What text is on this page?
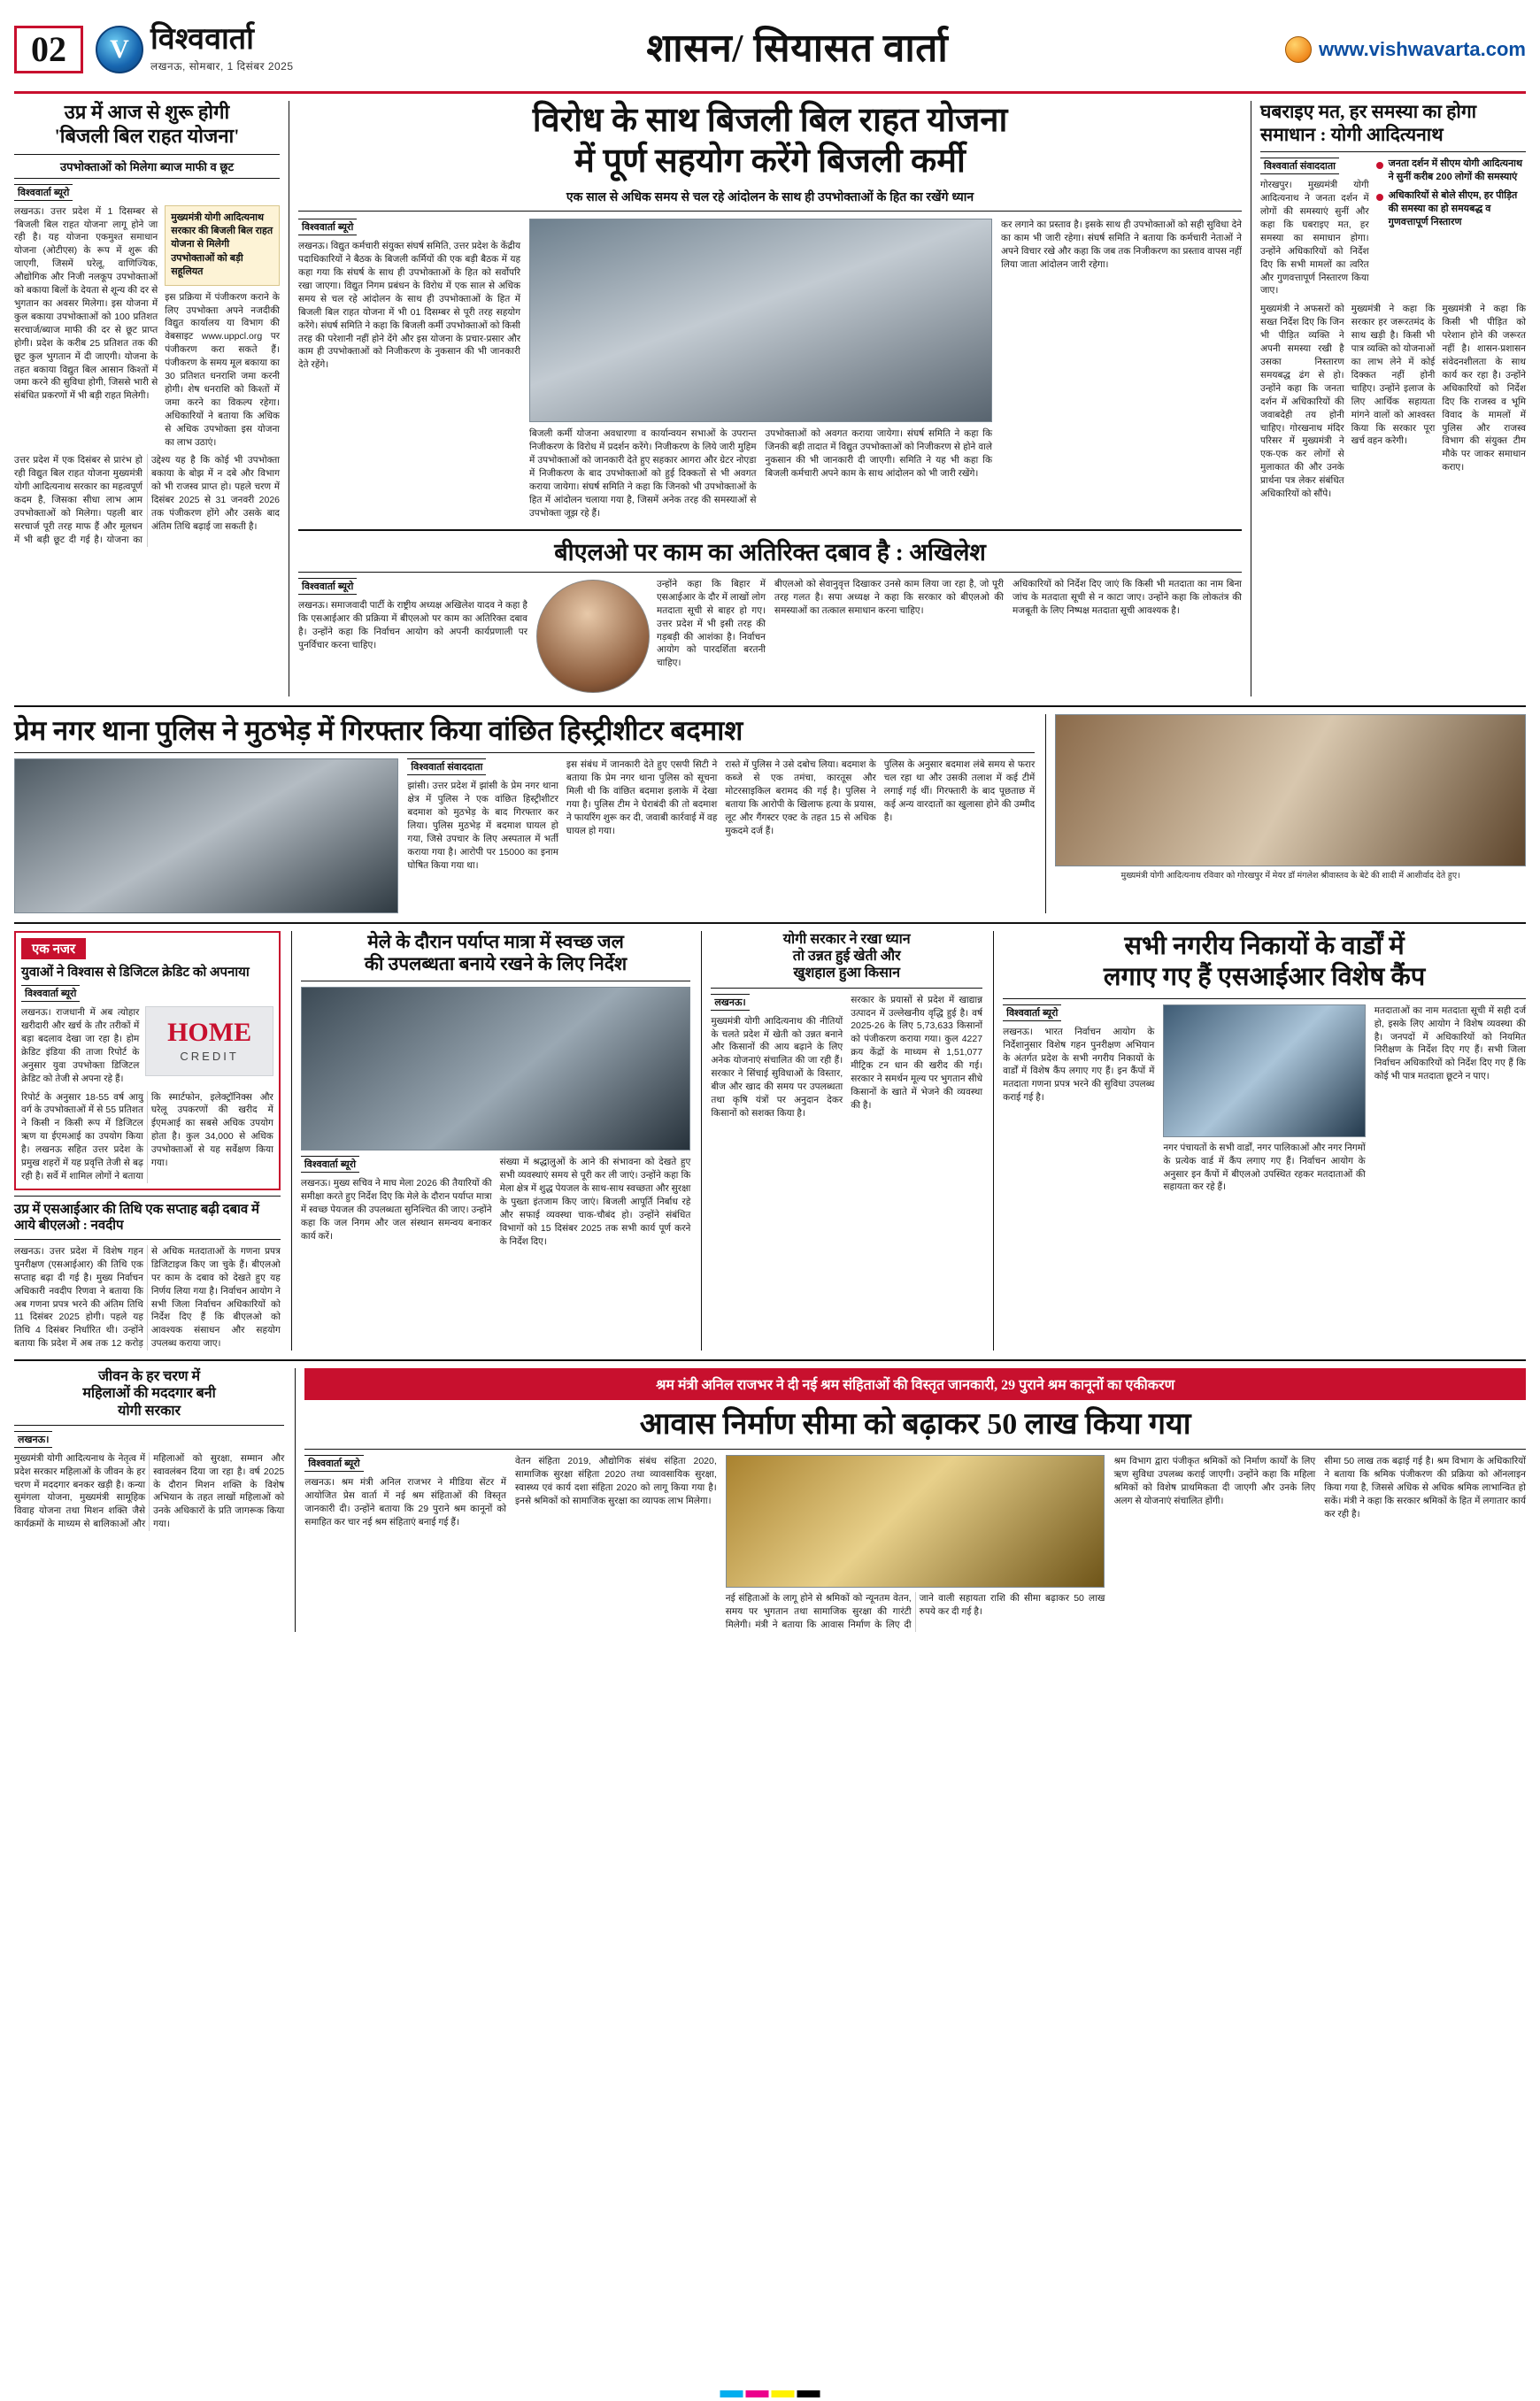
02	V विश्ववार्ता
लखनऊ, सोमबार, 1 दिसंबर 2025	शासन/ सियासत वार्ता	www.vishwavarta.com
उप्र में आज से शुरू होगी
'बिजली बिल राहत योजना'
उपभोक्ताओं को मिलेगा ब्याज माफी व छूट
विश्ववार्ता ब्यूरो
लखनऊ। उत्तर प्रदेश में 1 दिसम्बर से 'बिजली बिल राहत योजना' लागू होने जा रही है। यह योजना एकमुश्त समाधान योजना (ओटीएस) के रूप में शुरू की जाएगी, जिसमें घरेलू, वाणिज्यिक, औद्योगिक और निजी नलकूप उपभोक्ताओं को बकाया बिलों के देयता से शून्य की दर से भुगतान का अवसर मिलेगा। इस योजना में कुल बकाया उपभोक्ताओं को 100 प्रतिशत सरचार्ज/ब्याज माफी की दर से छूट प्राप्त होगी। प्रदेश के करीब 25 प्रतिशत तक की छूट कुल भुगतान में दी जाएगी। योजना के तहत बकाया विद्युत बिल आसान किश्तों में जमा करने की सुविधा होगी, जिससे भारी से संबंधित प्रकरणों में भी बड़ी राहत मिलेगी।
मुख्यमंत्री योगी आदित्यनाथ सरकार की बिजली बिल राहत योजना से मिलेगी उपभोक्ताओं को बड़ी सहूलियत
इस प्रक्रिया में पंजीकरण कराने के लिए उपभोक्ता अपने नजदीकी विद्युत कार्यालय या विभाग की वेबसाइट www.uppcl.org पर पंजीकरण करा सकते हैं। पंजीकरण के समय मूल बकाया का 30 प्रतिशत धनराशि जमा करनी होगी। शेष धनराशि को किश्तों में जमा करने का विकल्प रहेगा। अधिकारियों ने बताया कि अधिक से अधिक उपभोक्ता इस योजना का लाभ उठाएं।
उत्तर प्रदेश में एक दिसंबर से प्रारंभ हो रही विद्युत बिल राहत योजना मुख्यमंत्री योगी आदित्यनाथ सरकार का महत्वपूर्ण कदम है, जिसका सीधा लाभ आम उपभोक्ताओं को मिलेगा। पहली बार सरचार्ज पूरी तरह माफ हैं और मूलधन में भी बड़ी छूट दी गई है। योजना का उद्देश्य यह है कि कोई भी उपभोक्ता बकाया के बोझ में न दबे और विभाग को भी राजस्व प्राप्त हो। पहले चरण में दिसंबर 2025 से 31 जनवरी 2026 तक पंजीकरण होंगे और उसके बाद अंतिम तिथि बढ़ाई जा सकती है।
विरोध के साथ बिजली बिल राहत योजना
में पूर्ण सहयोग करेंगे बिजली कर्मी
एक साल से अधिक समय से चल रहे आंदोलन के साथ ही उपभोक्ताओं के हित का रखेंगे ध्यान
विश्ववार्ता ब्यूरो
लखनऊ। विद्युत कर्मचारी संयुक्त संघर्ष समिति, उत्तर प्रदेश के केंद्रीय पदाधिकारियों ने बैठक के बिजली कर्मियों की एक बड़ी बैठक में यह कहा गया कि संघर्ष के साथ ही उपभोक्ताओं के हित को सर्वोपरि रखा जाएगा। विद्युत निगम प्रबंधन के विरोध में एक साल से अधिक समय से चल रहे आंदोलन के साथ ही उपभोक्ताओं के हित में बिजली बिल राहत योजना में भी 01 दिसम्बर से पूरी तरह सहयोग करेंगे। संघर्ष समिति ने कहा कि बिजली कर्मी उपभोक्ताओं को किसी तरह की परेशानी नहीं होने देंगे और इस योजना के प्रचार-प्रसार और काम ही उपभोक्ताओं को निजीकरण के नुकसान की भी जानकारी देते रहेंगे।
बिजली कर्मी योजना अवधारणा व कार्यान्वयन सभाओं के उपरान्त निजीकरण के विरोध में प्रदर्शन करेंगे। निजीकरण के लिये जारी मुहिम में उपभोक्ताओं को जानकारी देते हुए सहकार आगरा और ग्रेटर नोएडा में निजीकरण के बाद उपभोक्ताओं को हुई दिक्कतों से भी अवगत कराया जायेगा। संघर्ष समिति ने कहा कि जिनको भी उपभोक्ताओं के हित में आंदोलन चलाया गया है, जिसमें अनेक तरह की समस्याओं से उपभोक्ता जूझ रहे हैं।
उपभोक्ताओं को अवगत कराया जायेगा। संघर्ष समिति ने कहा कि जिनकी बड़ी तादात में विद्युत उपभोक्ताओं को निजीकरण से होने वाले नुकसान की भी जानकारी दी जाएगी। समिति ने यह भी कहा कि बिजली कर्मचारी अपने काम के साथ आंदोलन को भी जारी रखेंगे।
कर लगाने का प्रस्ताव है। इसके साथ ही उपभोक्ताओं को सही सुविधा देने का काम भी जारी रहेगा। संघर्ष समिति ने बताया कि कर्मचारी नेताओं ने अपने विचार रखे और कहा कि जब तक निजीकरण का प्रस्ताव वापस नहीं लिया जाता आंदोलन जारी रहेगा।
बीएलओ पर काम का अतिरिक्त दबाव है : अखिलेश
विश्ववार्ता ब्यूरो
लखनऊ। समाजवादी पार्टी के राष्ट्रीय अध्यक्ष अखिलेश यादव ने कहा है कि एसआईआर की प्रक्रिया में बीएलओ पर काम का अतिरिक्त दबाव है। उन्होंने कहा कि निर्वाचन आयोग को अपनी कार्यप्रणाली पर पुनर्विचार करना चाहिए।
उन्होंने कहा कि बिहार में एसआईआर के दौर में लाखों लोग मतदाता सूची से बाहर हो गए। उत्तर प्रदेश में भी इसी तरह की गड़बड़ी की आशंका है। निर्वाचन आयोग को पारदर्शिता बरतनी चाहिए।
बीएलओ को सेवानुवृत्त दिखाकर उनसे काम लिया जा रहा है, जो पूरी तरह गलत है। सपा अध्यक्ष ने कहा कि सरकार को बीएलओ की समस्याओं का तत्काल समाधान करना चाहिए।
अधिकारियों को निर्देश दिए जाएं कि किसी भी मतदाता का नाम बिना जांच के मतदाता सूची से न काटा जाए। उन्होंने कहा कि लोकतंत्र की मजबूती के लिए निष्पक्ष मतदाता सूची आवश्यक है।
घबराइए मत, हर समस्या का होगा
समाधान : योगी आदित्यनाथ
विश्ववार्ता संवाददाता
गोरखपुर। मुख्यमंत्री योगी आदित्यनाथ ने जनता दर्शन में लोगों की समस्याएं सुनीं और कहा कि घबराइए मत, हर समस्या का समाधान होगा। उन्होंने अधिकारियों को निर्देश दिए कि सभी मामलों का त्वरित और गुणवत्तापूर्ण निस्तारण किया जाए।
जनता दर्शन में सीएम योगी आदित्यनाथ ने सुनीं करीब 200 लोगों की समस्याएं
अधिकारियों से बोले सीएम, हर पीड़ित की समस्या का हो समयबद्ध व गुणवत्तापूर्ण निस्तारण
मुख्यमंत्री ने अफसरों को सख्त निर्देश दिए कि जिन भी पीड़ित व्यक्ति ने अपनी समस्या रखी है उसका निस्तारण समयबद्ध ढंग से हो। उन्होंने कहा कि जनता दर्शन में अधिकारियों की जवाबदेही तय होनी चाहिए। गोरखनाथ मंदिर परिसर में मुख्यमंत्री ने एक-एक कर लोगों से मुलाकात की और उनके प्रार्थना पत्र लेकर संबंधित अधिकारियों को सौंपे।
मुख्यमंत्री ने कहा कि सरकार हर जरूरतमंद के साथ खड़ी है। किसी भी पात्र व्यक्ति को योजनाओं का लाभ लेने में कोई दिक्कत नहीं होनी चाहिए। उन्होंने इलाज के लिए आर्थिक सहायता मांगने वालों को आश्वस्त किया कि सरकार पूरा खर्च वहन करेगी।
मुख्यमंत्री ने कहा कि किसी भी पीड़ित को परेशान होने की जरूरत नहीं है। शासन-प्रशासन संवेदनशीलता के साथ कार्य कर रहा है। उन्होंने अधिकारियों को निर्देश दिए कि राजस्व व भूमि विवाद के मामलों में पुलिस और राजस्व विभाग की संयुक्त टीम मौके पर जाकर समाधान कराए।
प्रेम नगर थाना पुलिस ने मुठभेड़ में गिरफ्तार किया वांछित हिस्ट्रीशीटर बदमाश
विश्ववार्ता संवाददाता
झांसी। उत्तर प्रदेश में झांसी के प्रेम नगर थाना क्षेत्र में पुलिस ने एक वांछित हिस्ट्रीशीटर बदमाश को मुठभेड़ के बाद गिरफ्तार कर लिया। पुलिस मुठभेड़ में बदमाश घायल हो गया, जिसे उपचार के लिए अस्पताल में भर्ती कराया गया है। आरोपी पर 15000 का इनाम घोषित किया गया था।
इस संबंध में जानकारी देते हुए एसपी सिटी ने बताया कि प्रेम नगर थाना पुलिस को सूचना मिली थी कि वांछित बदमाश इलाके में देखा गया है। पुलिस टीम ने घेराबंदी की तो बदमाश ने फायरिंग शुरू कर दी, जवाबी कार्रवाई में वह घायल हो गया।
रास्ते में पुलिस ने उसे दबोच लिया। बदमाश के कब्जे से एक तमंचा, कारतूस और मोटरसाइकिल बरामद की गई है। पुलिस ने बताया कि आरोपी के खिलाफ हत्या के प्रयास, लूट और गैंगस्टर एक्ट के तहत 15 से अधिक मुकदमे दर्ज हैं।
पुलिस के अनुसार बदमाश लंबे समय से फरार चल रहा था और उसकी तलाश में कई टीमें लगाई गई थीं। गिरफ्तारी के बाद पूछताछ में कई अन्य वारदातों का खुलासा होने की उम्मीद है।
मुख्यमंत्री योगी आदित्यनाथ रविवार को गोरखपुर में मेयर डॉ मंगलेश श्रीवास्तव के बेटे की शादी में आशीर्वाद देते हुए।
एक नजर
युवाओं ने विश्वास से डिजिटल क्रेडिट को अपनाया
विश्ववार्ता ब्यूरो
लखनऊ। राजधानी में अब त्योहार खरीदारी और खर्च के तौर तरीकों में बड़ा बदलाव देखा जा रहा है। होम क्रेडिट इंडिया की ताजा रिपोर्ट के अनुसार युवा उपभोक्ता डिजिटल क्रेडिट को तेजी से अपना रहे हैं।
HOME
CREDIT
रिपोर्ट के अनुसार 18-55 वर्ष आयु वर्ग के उपभोक्ताओं में से 55 प्रतिशत ने किसी न किसी रूप में डिजिटल ऋण या ईएमआई का उपयोग किया है। लखनऊ सहित उत्तर प्रदेश के प्रमुख शहरों में यह प्रवृत्ति तेजी से बढ़ रही है। सर्वे में शामिल लोगों ने बताया कि स्मार्टफोन, इलेक्ट्रॉनिक्स और घरेलू उपकरणों की खरीद में ईएमआई का सबसे अधिक उपयोग होता है। कुल 34,000 से अधिक उपभोक्ताओं से यह सर्वेक्षण किया गया।
उप्र में एसआईआर की तिथि एक सप्ताह बढ़ी दबाव में आये बीएलओ : नवदीप
लखनऊ। उत्तर प्रदेश में विशेष गहन पुनरीक्षण (एसआईआर) की तिथि एक सप्ताह बढ़ा दी गई है। मुख्य निर्वाचन अधिकारी नवदीप रिणवा ने बताया कि अब गणना प्रपत्र भरने की अंतिम तिथि 11 दिसंबर 2025 होगी। पहले यह तिथि 4 दिसंबर निर्धारित थी। उन्होंने बताया कि प्रदेश में अब तक 12 करोड़ से अधिक मतदाताओं के गणना प्रपत्र डिजिटाइज किए जा चुके हैं। बीएलओ पर काम के दबाव को देखते हुए यह निर्णय लिया गया है। निर्वाचन आयोग ने सभी जिला निर्वाचन अधिकारियों को निर्देश दिए हैं कि बीएलओ को आवश्यक संसाधन और सहयोग उपलब्ध कराया जाए।
मेले के दौरान पर्याप्त मात्रा में स्वच्छ जल
की उपलब्धता बनाये रखने के लिए निर्देश
विश्ववार्ता ब्यूरो
लखनऊ। मुख्य सचिव ने माघ मेला 2026 की तैयारियों की समीक्षा करते हुए निर्देश दिए कि मेले के दौरान पर्याप्त मात्रा में स्वच्छ पेयजल की उपलब्धता सुनिश्चित की जाए। उन्होंने कहा कि जल निगम और जल संस्थान समन्वय बनाकर कार्य करें।
संख्या में श्रद्धालुओं के आने की संभावना को देखते हुए सभी व्यवस्थाएं समय से पूरी कर ली जाएं। उन्होंने कहा कि मेला क्षेत्र में शुद्ध पेयजल के साथ-साथ स्वच्छता और सुरक्षा के पुख्ता इंतजाम किए जाएं। बिजली आपूर्ति निर्बाध रहे और सफाई व्यवस्था चाक-चौबंद हो। उन्होंने संबंधित विभागों को 15 दिसंबर 2025 तक सभी कार्य पूर्ण करने के निर्देश दिए।
योगी सरकार ने रखा ध्यान
तो उन्नत हुई खेती और
खुशहाल हुआ किसान
लखनऊ।
मुख्यमंत्री योगी आदित्यनाथ की नीतियों के चलते प्रदेश में खेती को उन्नत बनाने और किसानों की आय बढ़ाने के लिए अनेक योजनाएं संचालित की जा रही हैं। सरकार ने सिंचाई सुविधाओं के विस्तार, बीज और खाद की समय पर उपलब्धता तथा कृषि यंत्रों पर अनुदान देकर किसानों को सशक्त किया है।
सरकार के प्रयासों से प्रदेश में खाद्यान्न उत्पादन में उल्लेखनीय वृद्धि हुई है। वर्ष 2025-26 के लिए 5,73,633 किसानों को पंजीकरण कराया गया। कुल 4227 क्रय केंद्रों के माध्यम से 1,51,077 मीट्रिक टन धान की खरीद की गई। सरकार ने समर्थन मूल्य पर भुगतान सीधे किसानों के खाते में भेजने की व्यवस्था की है।
सभी नगरीय निकायों के वार्डों में
लगाए गए हैं एसआईआर विशेष कैंप
विश्ववार्ता ब्यूरो
लखनऊ। भारत निर्वाचन आयोग के निर्देशानुसार विशेष गहन पुनरीक्षण अभियान के अंतर्गत प्रदेश के सभी नगरीय निकायों के वार्डों में विशेष कैंप लगाए गए हैं। इन कैंपों में मतदाता गणना प्रपत्र भरने की सुविधा उपलब्ध कराई गई है।
नगर पंचायतों के सभी वार्डों, नगर पालिकाओं और नगर निगमों के प्रत्येक वार्ड में कैंप लगाए गए हैं। निर्वाचन आयोग के अनुसार इन कैंपों में बीएलओ उपस्थित रहकर मतदाताओं की सहायता कर रहे हैं।
मतदाताओं का नाम मतदाता सूची में सही दर्ज हो, इसके लिए आयोग ने विशेष व्यवस्था की है। जनपदों में अधिकारियों को नियमित निरीक्षण के निर्देश दिए गए हैं। सभी जिला निर्वाचन अधिकारियों को निर्देश दिए गए हैं कि कोई भी पात्र मतदाता छूटने न पाए।
जीवन के हर चरण में
महिलाओं की मददगार बनी
योगी सरकार
लखनऊ।
मुख्यमंत्री योगी आदित्यनाथ के नेतृत्व में प्रदेश सरकार महिलाओं के जीवन के हर चरण में मददगार बनकर खड़ी है। कन्या सुमंगला योजना, मुख्यमंत्री सामूहिक विवाह योजना तथा मिशन शक्ति जैसे कार्यक्रमों के माध्यम से बालिकाओं और महिलाओं को सुरक्षा, सम्मान और स्वावलंबन दिया जा रहा है। वर्ष 2025 के दौरान मिशन शक्ति के विशेष अभियान के तहत लाखों महिलाओं को उनके अधिकारों के प्रति जागरूक किया गया।
श्रम मंत्री अनिल राजभर ने दी नई श्रम संहिताओं की विस्तृत जानकारी, 29 पुराने श्रम कानूनों का एकीकरण
आवास निर्माण सीमा को बढ़ाकर 50 लाख किया गया
विश्ववार्ता ब्यूरो
लखनऊ। श्रम मंत्री अनिल राजभर ने मीडिया सेंटर में आयोजित प्रेस वार्ता में नई श्रम संहिताओं की विस्तृत जानकारी दी। उन्होंने बताया कि 29 पुराने श्रम कानूनों को समाहित कर चार नई श्रम संहिताएं बनाई गई हैं।
वेतन संहिता 2019, औद्योगिक संबंध संहिता 2020, सामाजिक सुरक्षा संहिता 2020 तथा व्यावसायिक सुरक्षा, स्वास्थ्य एवं कार्य दशा संहिता 2020 को लागू किया गया है। इनसे श्रमिकों को सामाजिक सुरक्षा का व्यापक लाभ मिलेगा।
नई संहिताओं के लागू होने से श्रमिकों को न्यूनतम वेतन, समय पर भुगतान तथा सामाजिक सुरक्षा की गारंटी मिलेगी। मंत्री ने बताया कि आवास निर्माण के लिए दी जाने वाली सहायता राशि की सीमा बढ़ाकर 50 लाख रुपये कर दी गई है।
श्रम विभाग द्वारा पंजीकृत श्रमिकों को निर्माण कार्यों के लिए ऋण सुविधा उपलब्ध कराई जाएगी। उन्होंने कहा कि महिला श्रमिकों को विशेष प्राथमिकता दी जाएगी और उनके लिए अलग से योजनाएं संचालित होंगी।
सीमा 50 लाख तक बढ़ाई गई है। श्रम विभाग के अधिकारियों ने बताया कि श्रमिक पंजीकरण की प्रक्रिया को ऑनलाइन किया गया है, जिससे अधिक से अधिक श्रमिक लाभान्वित हो सकें। मंत्री ने कहा कि सरकार श्रमिकों के हित में लगातार कार्य कर रही है।
